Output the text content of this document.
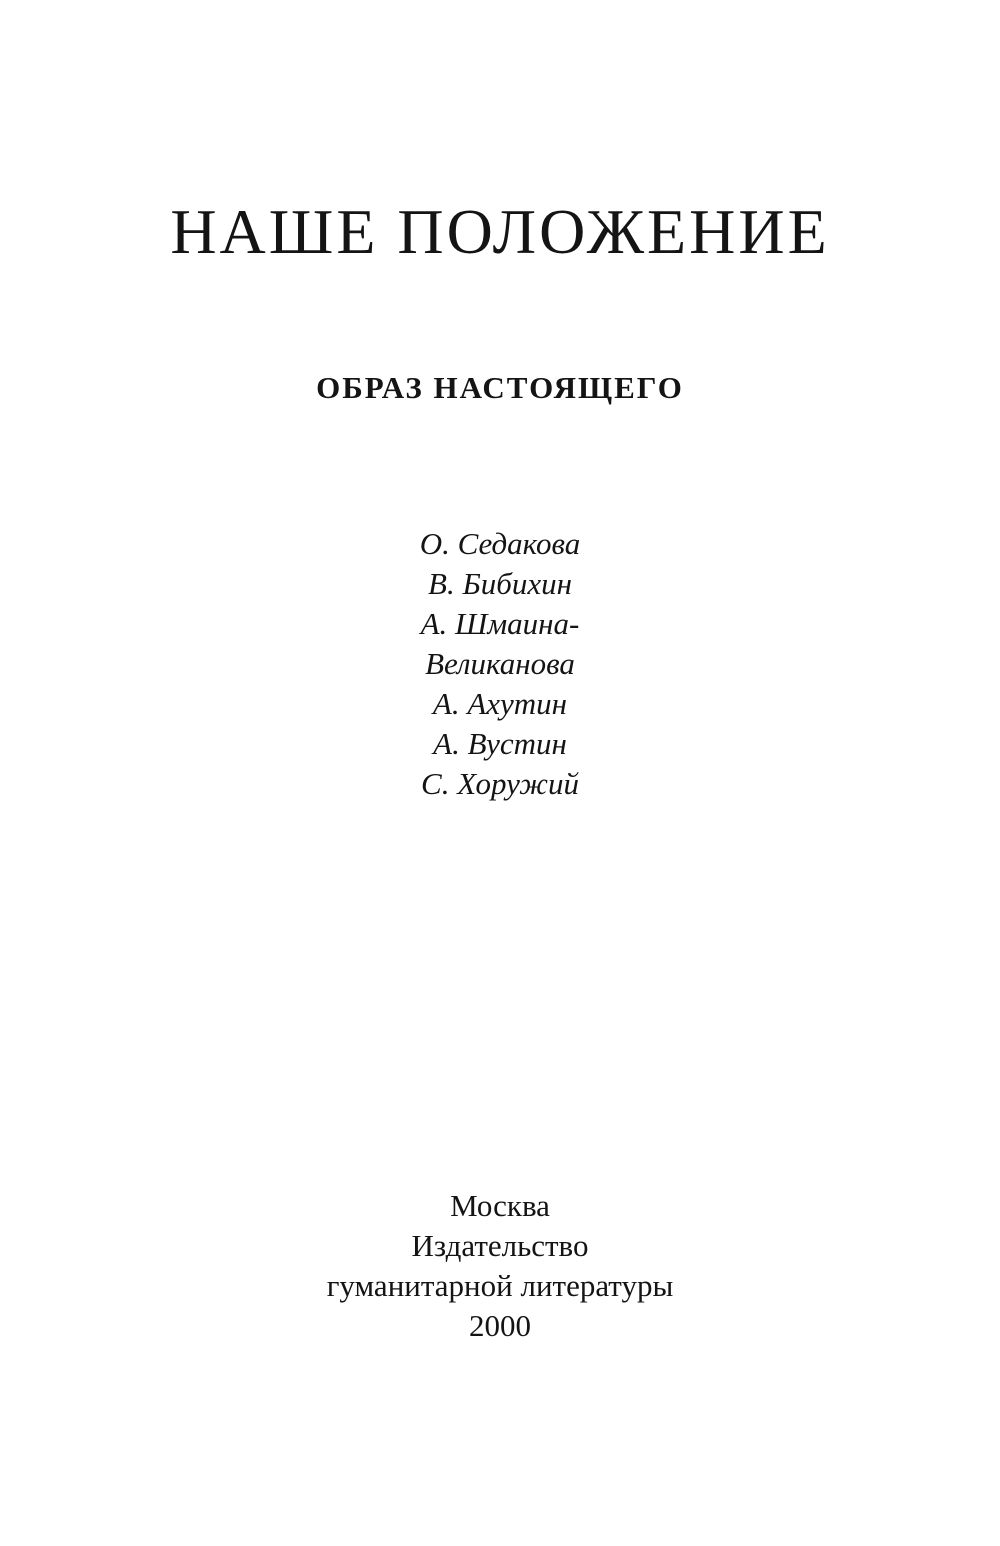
НАШЕ ПОЛОЖЕНИЕ
ОБРАЗ НАСТОЯЩЕГО
О. Седакова
В. Бибихин
А. Шмаина-
Великанова
А. Ахутин
А. Вустин
С. Хоружий
Москва
Издательство
гуманитарной литературы
2000
